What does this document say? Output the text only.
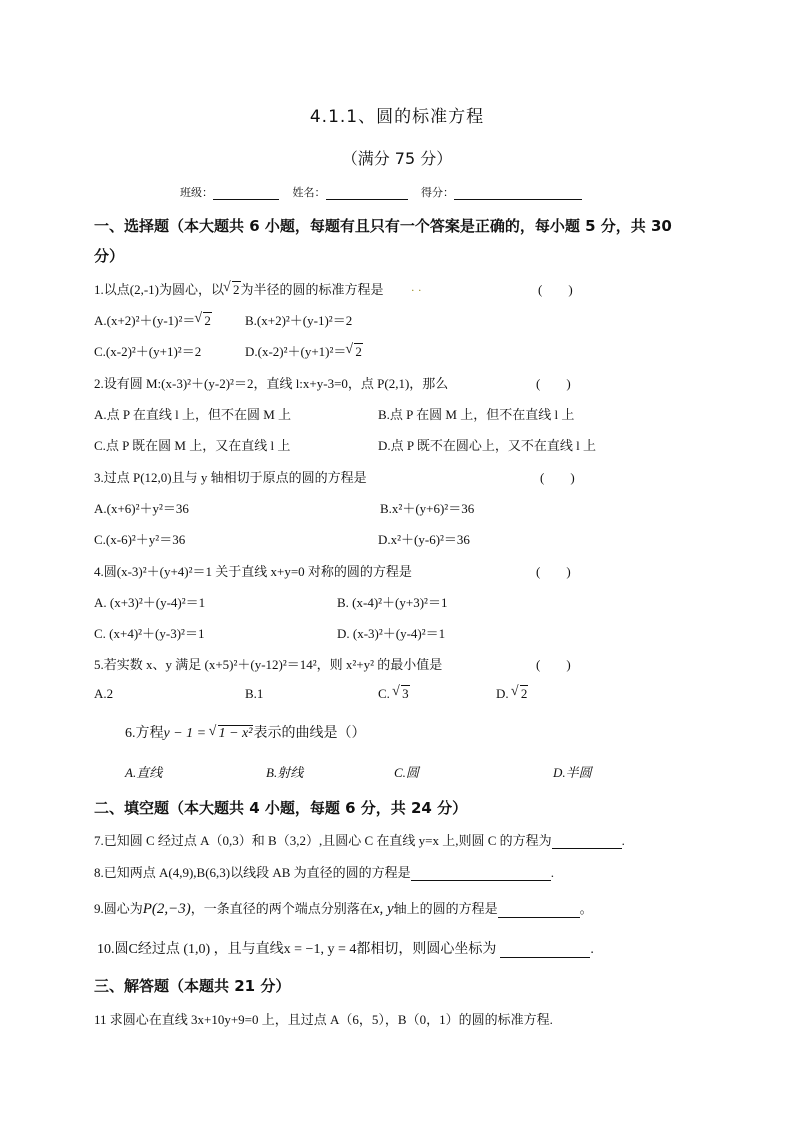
4.1.1、圆的标准方程
（满分 75 分）
班级：	姓名：	得分：
一、选择题（本大题共 6 小题，每题有且只有一个答案是正确的，每小题 5 分，共 30
分）
1.以点(2,-1)为圆心，以 √ 2为半径的圆的标准方程是 · ·	(　　)
A.(x+2)²＋(y-1)²＝ √ 2	B.(x+2)²＋(y-1)²＝2
C.(x-2)²＋(y+1)²＝2	D.(x-2)²＋(y+1)²＝ √ 2
2.设有圆 M:(x-3)²＋(y-2)²＝2，直线 l:x+y-3=0，点 P(2,1)，那么	(　　)
A.点 P 在直线 l 上，但不在圆 M 上	B.点 P 在圆 M 上，但不在直线 l 上
C.点 P 既在圆 M 上，又在直线 l 上	D.点 P 既不在圆心上，又不在直线 l 上
3.过点 P(12,0)且与 y 轴相切于原点的圆的方程是	(　　)
A.(x+6)²＋y²＝36	B.x²＋(y+6)²＝36
C.(x-6)²＋y²＝36	D.x²＋(y-6)²＝36
4.圆(x-3)²＋(y+4)²＝1 关于直线 x+y=0 对称的圆的方程是	(　　)
A. (x+3)²＋(y-4)²＝1	B. (x-4)²＋(y+3)²＝1
C. (x+4)²＋(y-3)²＝1	D. (x-3)²＋(y-4)²＝1
5.若实数 x、y 满足 (x+5)²＋(y-12)²＝14²，则 x²+y² 的最小值是	(　　)
A.2	B.1	C. √ 3	D. √ 2
6.方程y − 1 = √ 1 − x²表示的曲线是（）
A.直线	B.射线	C.圆	D.半圆
二、填空题（本大题共 4 小题，每题 6 分，共 24 分）
7.已知圆 C 经过点 A（0,3）和 B（3,2）,且圆心 C 在直线 y=x 上,则圆 C 的方程为	.
8.已知两点 A(4,9),B(6,3)以线段 AB 为直径的圆的方程是	.
9.圆心为P(2,−3)，一条直径的两个端点分别落在x, y轴上的圆的方程是	。
10.圆C经过点 (1,0) ，且与直线x = −1, y = 4都相切，则圆心坐标为	.
三、解答题（本题共 21 分）
11 求圆心在直线 3x+10y+9=0 上，且过点 A（6，5），B（0，1）的圆的标准方程.
